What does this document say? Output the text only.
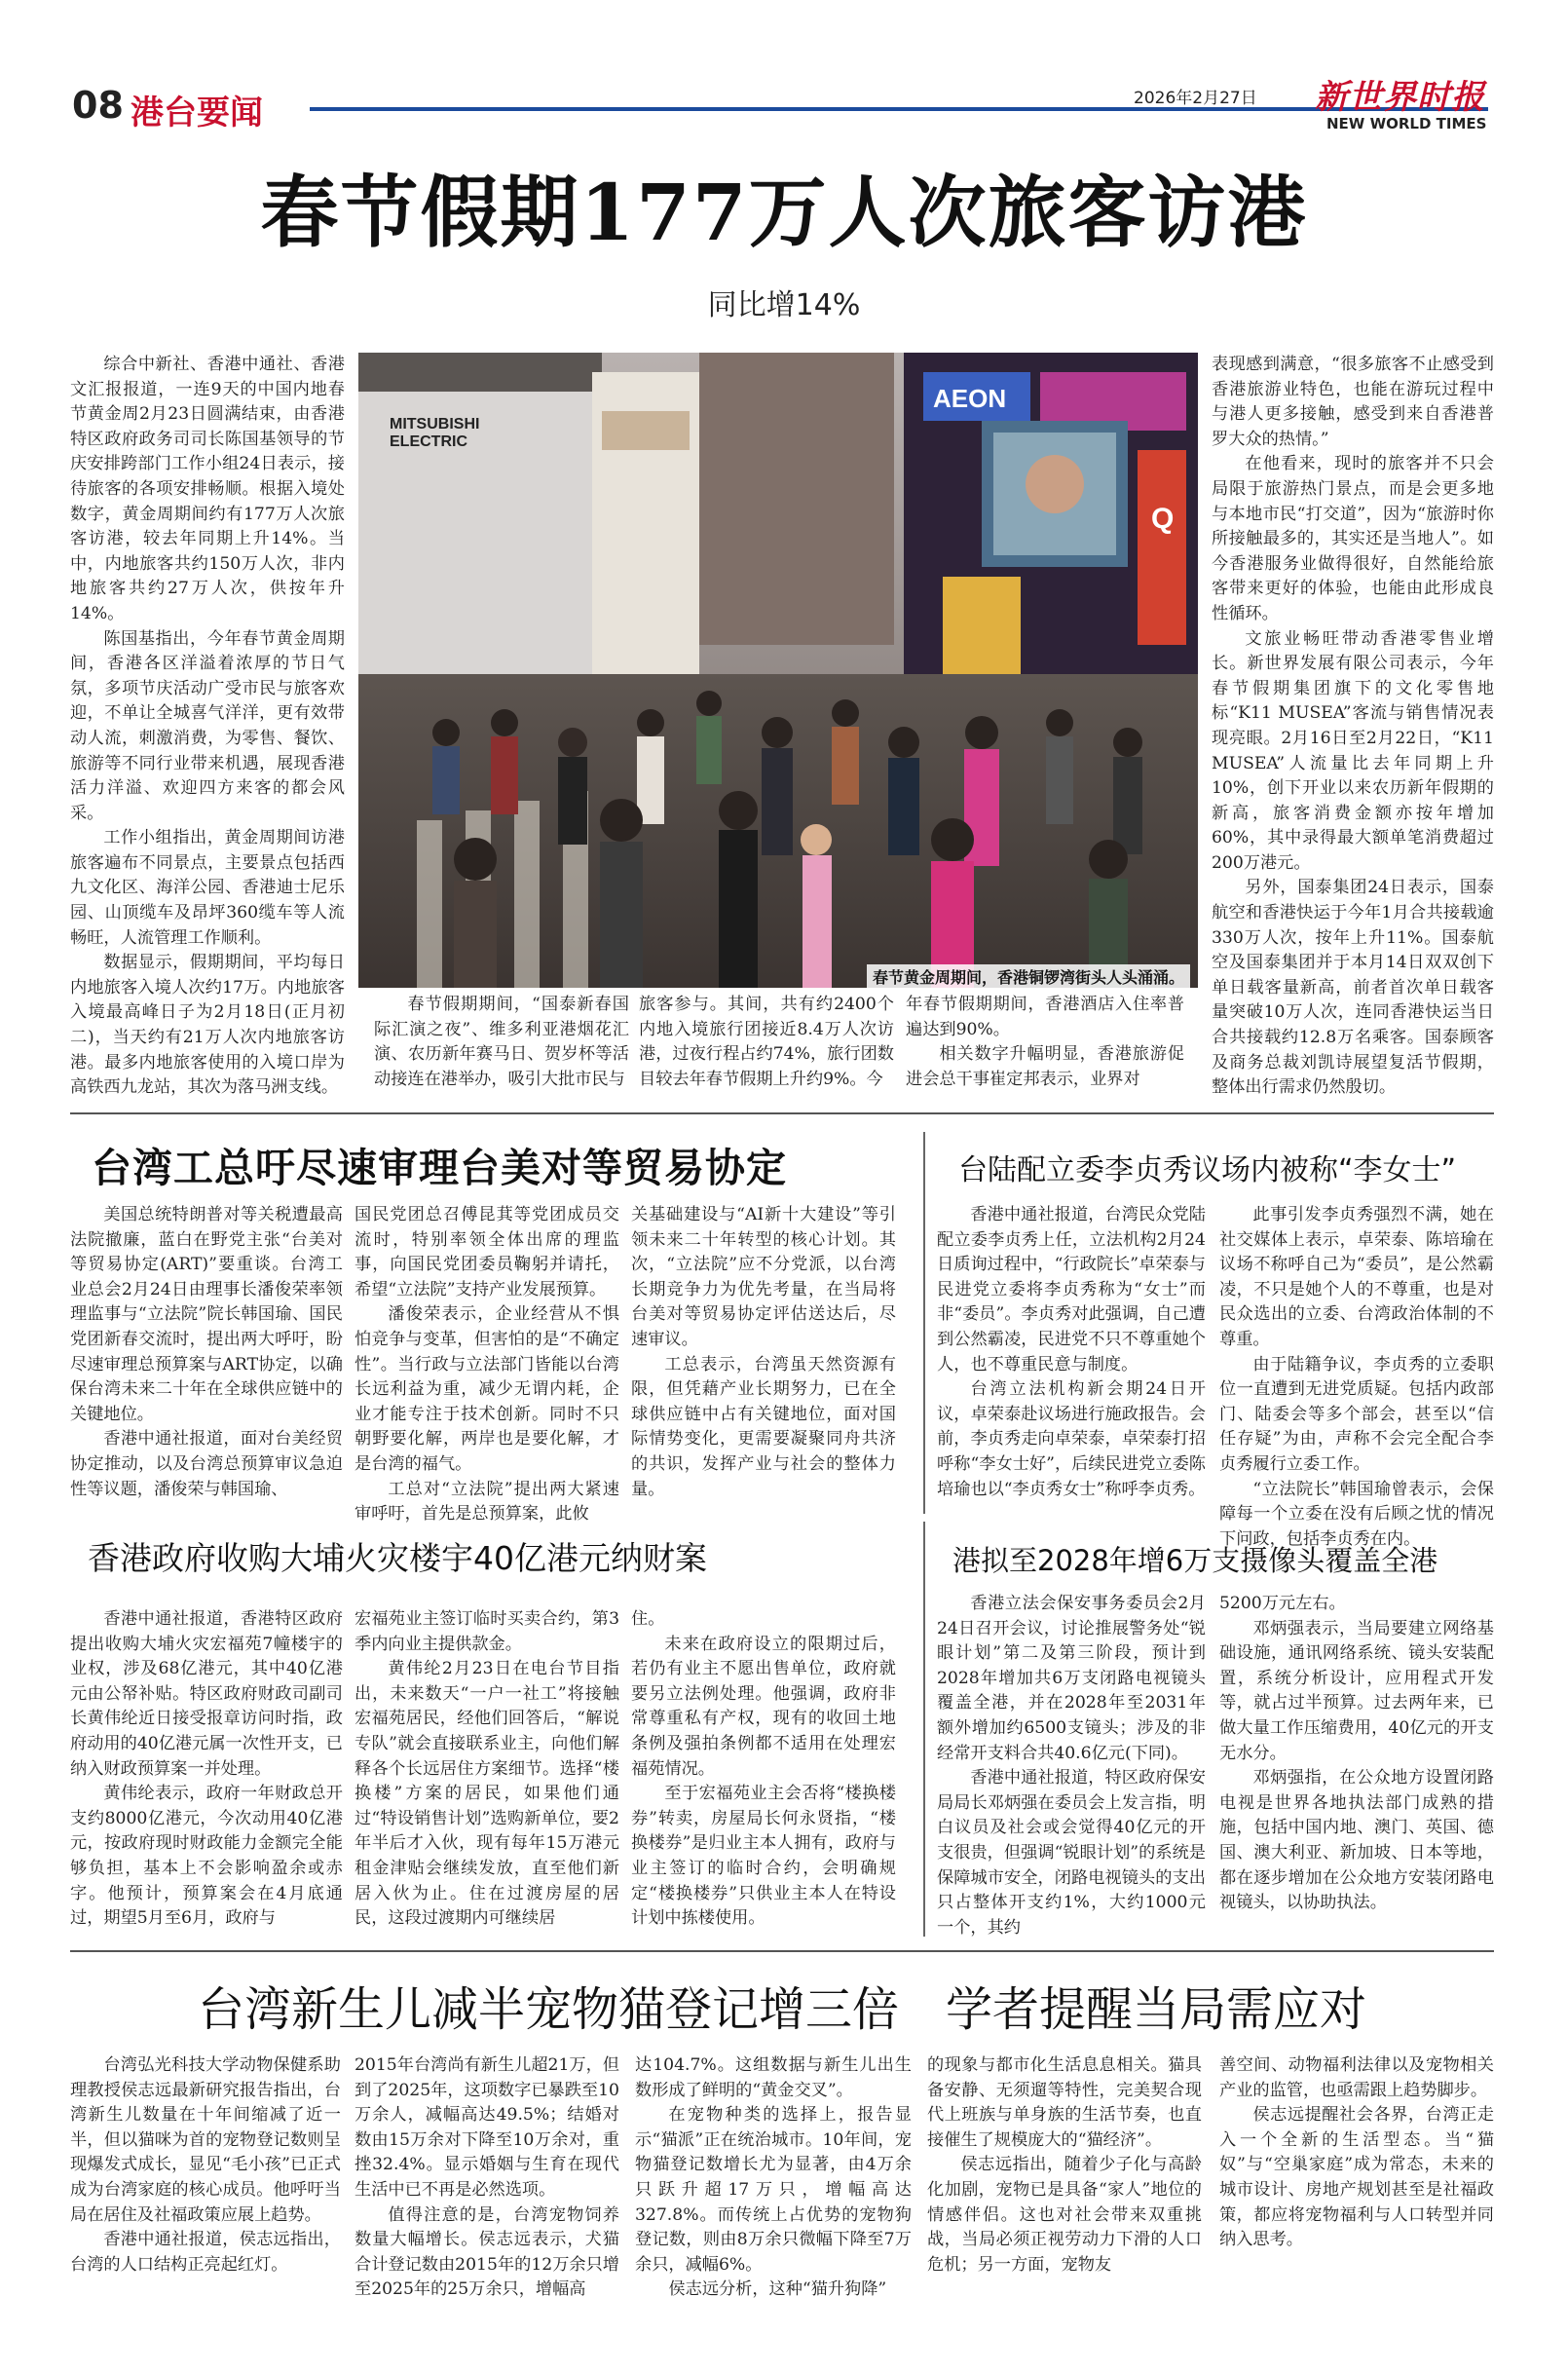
08 港台要闻	2026年2月27日 新世界时报
NEW WORLD TIMES
春节假期177万人次旅客访港
同比增14%

综合中新社、香港中通社、香港文汇报报道，一连9天的中国内地春节黄金周2月23日圆满结束，由香港特区政府政务司司长陈国基领导的节庆安排跨部门工作小组24日表示，接待旅客的各项安排畅顺。根据入境处数字，黄金周期间约有177万人次旅客访港，较去年同期上升14%。当中，内地旅客共约150万人次，非内地旅客共约27万人次，供按年升14%。

陈国基指出，今年春节黄金周期间，香港各区洋溢着浓厚的节日气氛，多项节庆活动广受市民与旅客欢迎，不单让全城喜气洋洋，更有效带动人流，刺激消费，为零售、餐饮、旅游等不同行业带来机遇，展现香港活力洋溢、欢迎四方来客的都会风采。

工作小组指出，黄金周期间访港旅客遍布不同景点，主要景点包括西九文化区、海洋公园、香港迪士尼乐园、山顶缆车及昂坪360缆车等人流畅旺，人流管理工作顺利。

数据显示，假期期间，平均每日内地旅客入境人次约17万。内地旅客入境最高峰日子为2月18日(正月初二)，当天约有21万人次内地旅客访港。最多内地旅客使用的入境口岸为高铁西九龙站，其次为落马洲支线。

MITSUBISHI
ELECTRIC
AEON
Q
春节黄金周期间，香港铜锣湾街头人头涌涌。

春节假期期间，“国泰新春国际汇演之夜”、维多利亚港烟花汇演、农历新年赛马日、贺岁杯等活动接连在港举办，吸引大批市民与

旅客参与。其间，共有约2400个内地入境旅行团接近8.4万人次访港，过夜行程占约74%，旅行团数目较去年春节假期上升约9%。今

年春节假期期间，香港酒店入住率普遍达到90%。

相关数字升幅明显，香港旅游促进会总干事崔定邦表示，业界对

表现感到满意，“很多旅客不止感受到香港旅游业特色，也能在游玩过程中与港人更多接触，感受到来自香港普罗大众的热情。”

在他看来，现时的旅客并不只会局限于旅游热门景点，而是会更多地与本地市民“打交道”，因为“旅游时你所接触最多的，其实还是当地人”。如今香港服务业做得很好，自然能给旅客带来更好的体验，也能由此形成良性循环。

文旅业畅旺带动香港零售业增长。新世界发展有限公司表示，今年春节假期集团旗下的文化零售地标“K11 MUSEA”客流与销售情况表现亮眼。2月16日至2月22日，“K11 MUSEA”人流量比去年同期上升10%，创下开业以来农历新年假期的新高，旅客消费金额亦按年增加60%，其中录得最大额单笔消费超过200万港元。

另外，国泰集团24日表示，国泰航空和香港快运于今年1月合共接载逾330万人次，按年上升11%。国泰航空及国泰集团并于本月14日双双创下单日载客量新高，前者首次单日载客量突破10万人次，连同香港快运当日合共接载约12.8万名乘客。国泰顾客及商务总裁刘凯诗展望复活节假期，整体出行需求仍然殷切。

台湾工总吁尽速审理台美对等贸易协定

美国总统特朗普对等关税遭最高法院撤廉，蓝白在野党主张“台美对等贸易协定(ART)”要重谈。台湾工业总会2月24日由理事长潘俊荣率领理监事与“立法院”院长韩国瑜、国民党团新春交流时，提出两大呼吁，盼尽速审理总预算案与ART协定，以确保台湾未来二十年在全球供应链中的关键地位。

香港中通社报道，面对台美经贸协定推动，以及台湾总预算审议急迫性等议题，潘俊荣与韩国瑜、

国民党团总召傅昆萁等党团成员交流时，特别率领全体出席的理监事，向国民党团委员鞠躬并请托，希望“立法院”支持产业发展预算。

潘俊荣表示，企业经营从不惧怕竞争与变革，但害怕的是“不确定性”。当行政与立法部门皆能以台湾长远利益为重，减少无谓内耗，企业才能专注于技术创新。同时不只朝野要化解，两岸也是要化解，才是台湾的福气。

工总对“立法院”提出两大紧速审呼吁，首先是总预算案，此攸

关基础建设与“AI新十大建设”等引领未来二十年转型的核心计划。其次，“立法院”应不分党派，以台湾长期竞争力为优先考量，在当局将台美对等贸易协定评估送达后，尽速审议。

工总表示，台湾虽天然资源有限，但凭藉产业长期努力，已在全球供应链中占有关键地位，面对国际情势变化，更需要凝聚同舟共济的共识，发挥产业与社会的整体力量。

台陆配立委李贞秀议场内被称“李女士”

香港中通社报道，台湾民众党陆配立委李贞秀上任，立法机构2月24日质询过程中，“行政院长”卓荣泰与民进党立委将李贞秀称为“女士”而非“委员”。李贞秀对此强调，自己遭到公然霸凌，民进党不只不尊重她个人，也不尊重民意与制度。

台湾立法机构新会期24日开议，卓荣泰赴议场进行施政报告。会前，李贞秀走向卓荣泰，卓荣泰打招呼称“李女士好”，后续民进党立委陈培瑜也以“李贞秀女士”称呼李贞秀。

此事引发李贞秀强烈不满，她在社交媒体上表示，卓荣泰、陈培瑜在议场不称呼自己为“委员”，是公然霸凌，不只是她个人的不尊重，也是对民众选出的立委、台湾政治体制的不尊重。

由于陆籍争议，李贞秀的立委职位一直遭到无进党质疑。包括内政部门、陆委会等多个部会，甚至以“信任存疑”为由，声称不会完全配合李贞秀履行立委工作。

“立法院长”韩国瑜曾表示，会保障每一个立委在没有后顾之忧的情况下问政，包括李贞秀在内。

香港政府收购大埔火灾楼宇40亿港元纳财案

香港中通社报道，香港特区政府提出收购大埔火灾宏福苑7幢楼宇的业权，涉及68亿港元，其中40亿港元由公帑补贴。特区政府财政司副司长黄伟纶近日接受报章访问时指，政府动用的40亿港元属一次性开支，已纳入财政预算案一并处理。

黄伟纶表示，政府一年财政总开支约8000亿港元，今次动用40亿港元，按政府现时财政能力金额完全能够负担，基本上不会影响盈余或赤字。他预计，预算案会在4月底通过，期望5月至6月，政府与

宏福苑业主签订临时买卖合约，第3季内向业主提供款金。

黄伟纶2月23日在电台节目指出，未来数天“一户一社工”将接触宏福苑居民，经他们回答后，“解说专队”就会直接联系业主，向他们解释各个长远居住方案细节。选择“楼换楼”方案的居民，如果他们通过“特设销售计划”选购新单位，要2年半后才入伙，现有每年15万港元租金津贴会继续发放，直至他们新居入伙为止。住在过渡房屋的居民，这段过渡期内可继续居

住。

未来在政府设立的限期过后，若仍有业主不愿出售单位，政府就要另立法例处理。他强调，政府非常尊重私有产权，现有的收回土地条例及强拍条例都不适用在处理宏福苑情况。

至于宏福苑业主会否将“楼换楼券”转卖，房屋局长何永贤指，“楼换楼券”是归业主本人拥有，政府与业主签订的临时合约，会明确规定“楼换楼券”只供业主本人在特设计划中拣楼使用。

港拟至2028年增6万支摄像头覆盖全港

香港立法会保安事务委员会2月24日召开会议，讨论推展警务处“锐眼计划”第二及第三阶段，预计到2028年增加共6万支闭路电视镜头覆盖全港，并在2028年至2031年额外增加约6500支镜头；涉及的非经常开支料合共40.6亿元(下同)。

香港中通社报道，特区政府保安局局长邓炳强在委员会上发言指，明白议员及社会或会觉得40亿元的开支很贵，但强调“锐眼计划”的系统是保障城市安全，闭路电视镜头的支出只占整体开支约1%，大约1000元一个，其约

5200万元左右。

邓炳强表示，当局要建立网络基础设施，通讯网络系统、镜头安装配置，系统分析设计，应用程式开发等，就占过半预算。过去两年来，已做大量工作压缩费用，40亿元的开支无水分。

邓炳强指，在公众地方设置闭路电视是世界各地执法部门成熟的措施，包括中国内地、澳门、英国、德国、澳大利亚、新加坡、日本等地，都在逐步增加在公众地方安装闭路电视镜头，以协助执法。

台湾新生儿减半宠物猫登记增三倍　学者提醒当局需应对

台湾弘光科技大学动物保健系助理教授侯志远最新研究报告指出，台湾新生儿数量在十年间缩减了近一半，但以猫咪为首的宠物登记数则呈现爆发式成长，显见“毛小孩”已正式成为台湾家庭的核心成员。他呼吁当局在居住及社福政策应展上趋势。

香港中通社报道，侯志远指出，台湾的人口结构正亮起红灯。

2015年台湾尚有新生儿超21万，但到了2025年，这项数字已暴跌至10万余人，减幅高达49.5%；结婚对数由15万余对下降至10万余对，重挫32.4%。显示婚姻与生育在现代生活中已不再是必然选项。

值得注意的是，台湾宠物饲养数量大幅增长。侯志远表示，犬猫合计登记数由2015年的12万余只增至2025年的25万余只，增幅高

达104.7%。这组数据与新生儿出生数形成了鲜明的“黄金交叉”。

在宠物种类的选择上，报告显示“猫派”正在统治城市。10年间，宠物猫登记数增长尤为显著，由4万余只跃升超17万只，增幅高达327.8%。而传统上占优势的宠物狗登记数，则由8万余只微幅下降至7万余只，减幅6%。

侯志远分析，这种“猫升狗降”

的现象与都市化生活息息相关。猫具备安静、无须遛等特性，完美契合现代上班族与单身族的生活节奏，也直接催生了规模庞大的“猫经济”。

侯志远指出，随着少子化与高龄化加剧，宠物已是具备“家人”地位的情感伴侣。这也对社会带来双重挑战，当局必须正视劳动力下滑的人口危机；另一方面，宠物友

善空间、动物福利法律以及宠物相关产业的监管，也亟需跟上趋势脚步。

侯志远提醒社会各界，台湾正走入一个全新的生活型态。当“猫奴”与“空巢家庭”成为常态，未来的城市设计、房地产规划甚至是社福政策，都应将宠物福利与人口转型并同纳入思考。
